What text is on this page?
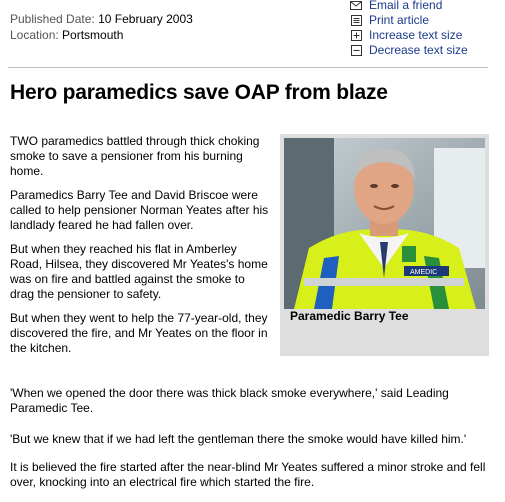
Published Date: 10 February 2003
Location: Portsmouth
Email a friend
Print article
Increase text size
Decrease text size
Hero paramedics save OAP from blaze

TWO paramedics battled through thick choking smoke to save a pensioner from his burning home.

Paramedics Barry Tee and David Briscoe were called to help pensioner Norman Yeates after his landlady feared he had fallen over.

But when they reached his flat in Amberley Road, Hilsea, they discovered Mr Yeates's home was on fire and battled against the smoke to drag the pensioner to safety.

But when they went to help the 77-year-old, they discovered the fire, and Mr Yeates on the floor in the kitchen.

'When we opened the door there was thick black smoke everywhere,' said Leading Paramedic Tee.

'But we knew that if we had left the gentleman there the smoke would have killed him.'

It is believed the fire started after the near-blind Mr Yeates suffered a minor stroke and fell over, knocking into an electrical fire which started the fire.

AMEDIC
Paramedic Barry Tee
